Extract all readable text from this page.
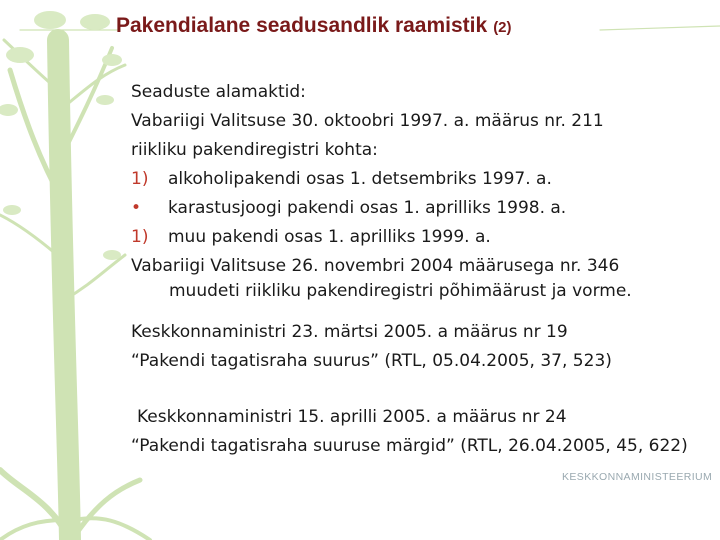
Pakendialane seadusandlik raamistik (2)
Seaduste alamaktid:
Vabariigi Valitsuse 30. oktoobri 1997. a. määrus nr. 211
riikliku pakendiregistri kohta:
1) alkoholipakendi osas 1. detsembriks 1997. a.
• karastusjoogi pakendi osas 1. aprilliks 1998. a.
1) muu pakendi osas 1. aprilliks 1999. a.
Vabariigi Valitsuse 26. novembri 2004 määrusega nr. 346
muudeti riikliku pakendiregistri põhimäärust ja vorme.
Keskkonnaministri 23. märtsi 2005. a määrus nr 19
“Pakendi tagatisraha suurus” (RTL, 05.04.2005, 37, 523)
Keskkonnaministri 15. aprilli 2005. a määrus nr 24
“Pakendi tagatisraha suuruse märgid” (RTL, 26.04.2005, 45, 622)
KESKKONNAMINISTEERIUM
